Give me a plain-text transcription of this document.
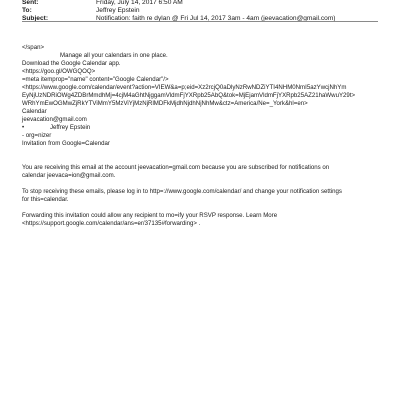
Sent:	Friday, July 14, 2017 6:50 AM
To:	Jeffrey Epstein
Subject:	Notification: faith re dylan @ Fri Jul 14, 2017 3am - 4am (jeevacation@gmail.com)
</span>
Manage all your calendars in one place.
Download the Google Calendar app.
<https://goo.gl/OWGQOQ>
=meta itemprop="name" content="Google Calendar"/>
<https://www.google.com/calendar/event?action=VIEW&a=p;eid=Xz2rcjQ0aDlyNzRwNDZiYTI4NHM0NmI5azYwcjNhYm
EyNjUzNDRiOWg4ZDBrMmdhMj=4cjM4aGhtNjggamVldmFjYXRpb25AbQ&tok=MjEjamVldmFjYXRpb25AZ21haWwuY29t>
WRhYmEwOGMwZjRkYTViMmY5MzViYjMzNjRlMDFkMjdhNjdhNjNhMw&ctz=America/Ne=_York&hl=en>
Calendar
jeevacation@gmail.com
•	Jeffrey Epstein
- org=nizer
Invitation from Google=Calendar
You are receiving this email at the account jeevacation=gmail.com because you are subscribed for notifications on
calendar jeevaca=ion@gmail.com.
To stop receiving these emails, please log in to http=://www.google.com/calendar/ and change your notification settings
for this=calendar.
Forwarding this invitation could allow any recipient to mo=ify your RSVP response. Learn More
<https://support.google.com/calendar/ans=er/37135#forwarding> .
